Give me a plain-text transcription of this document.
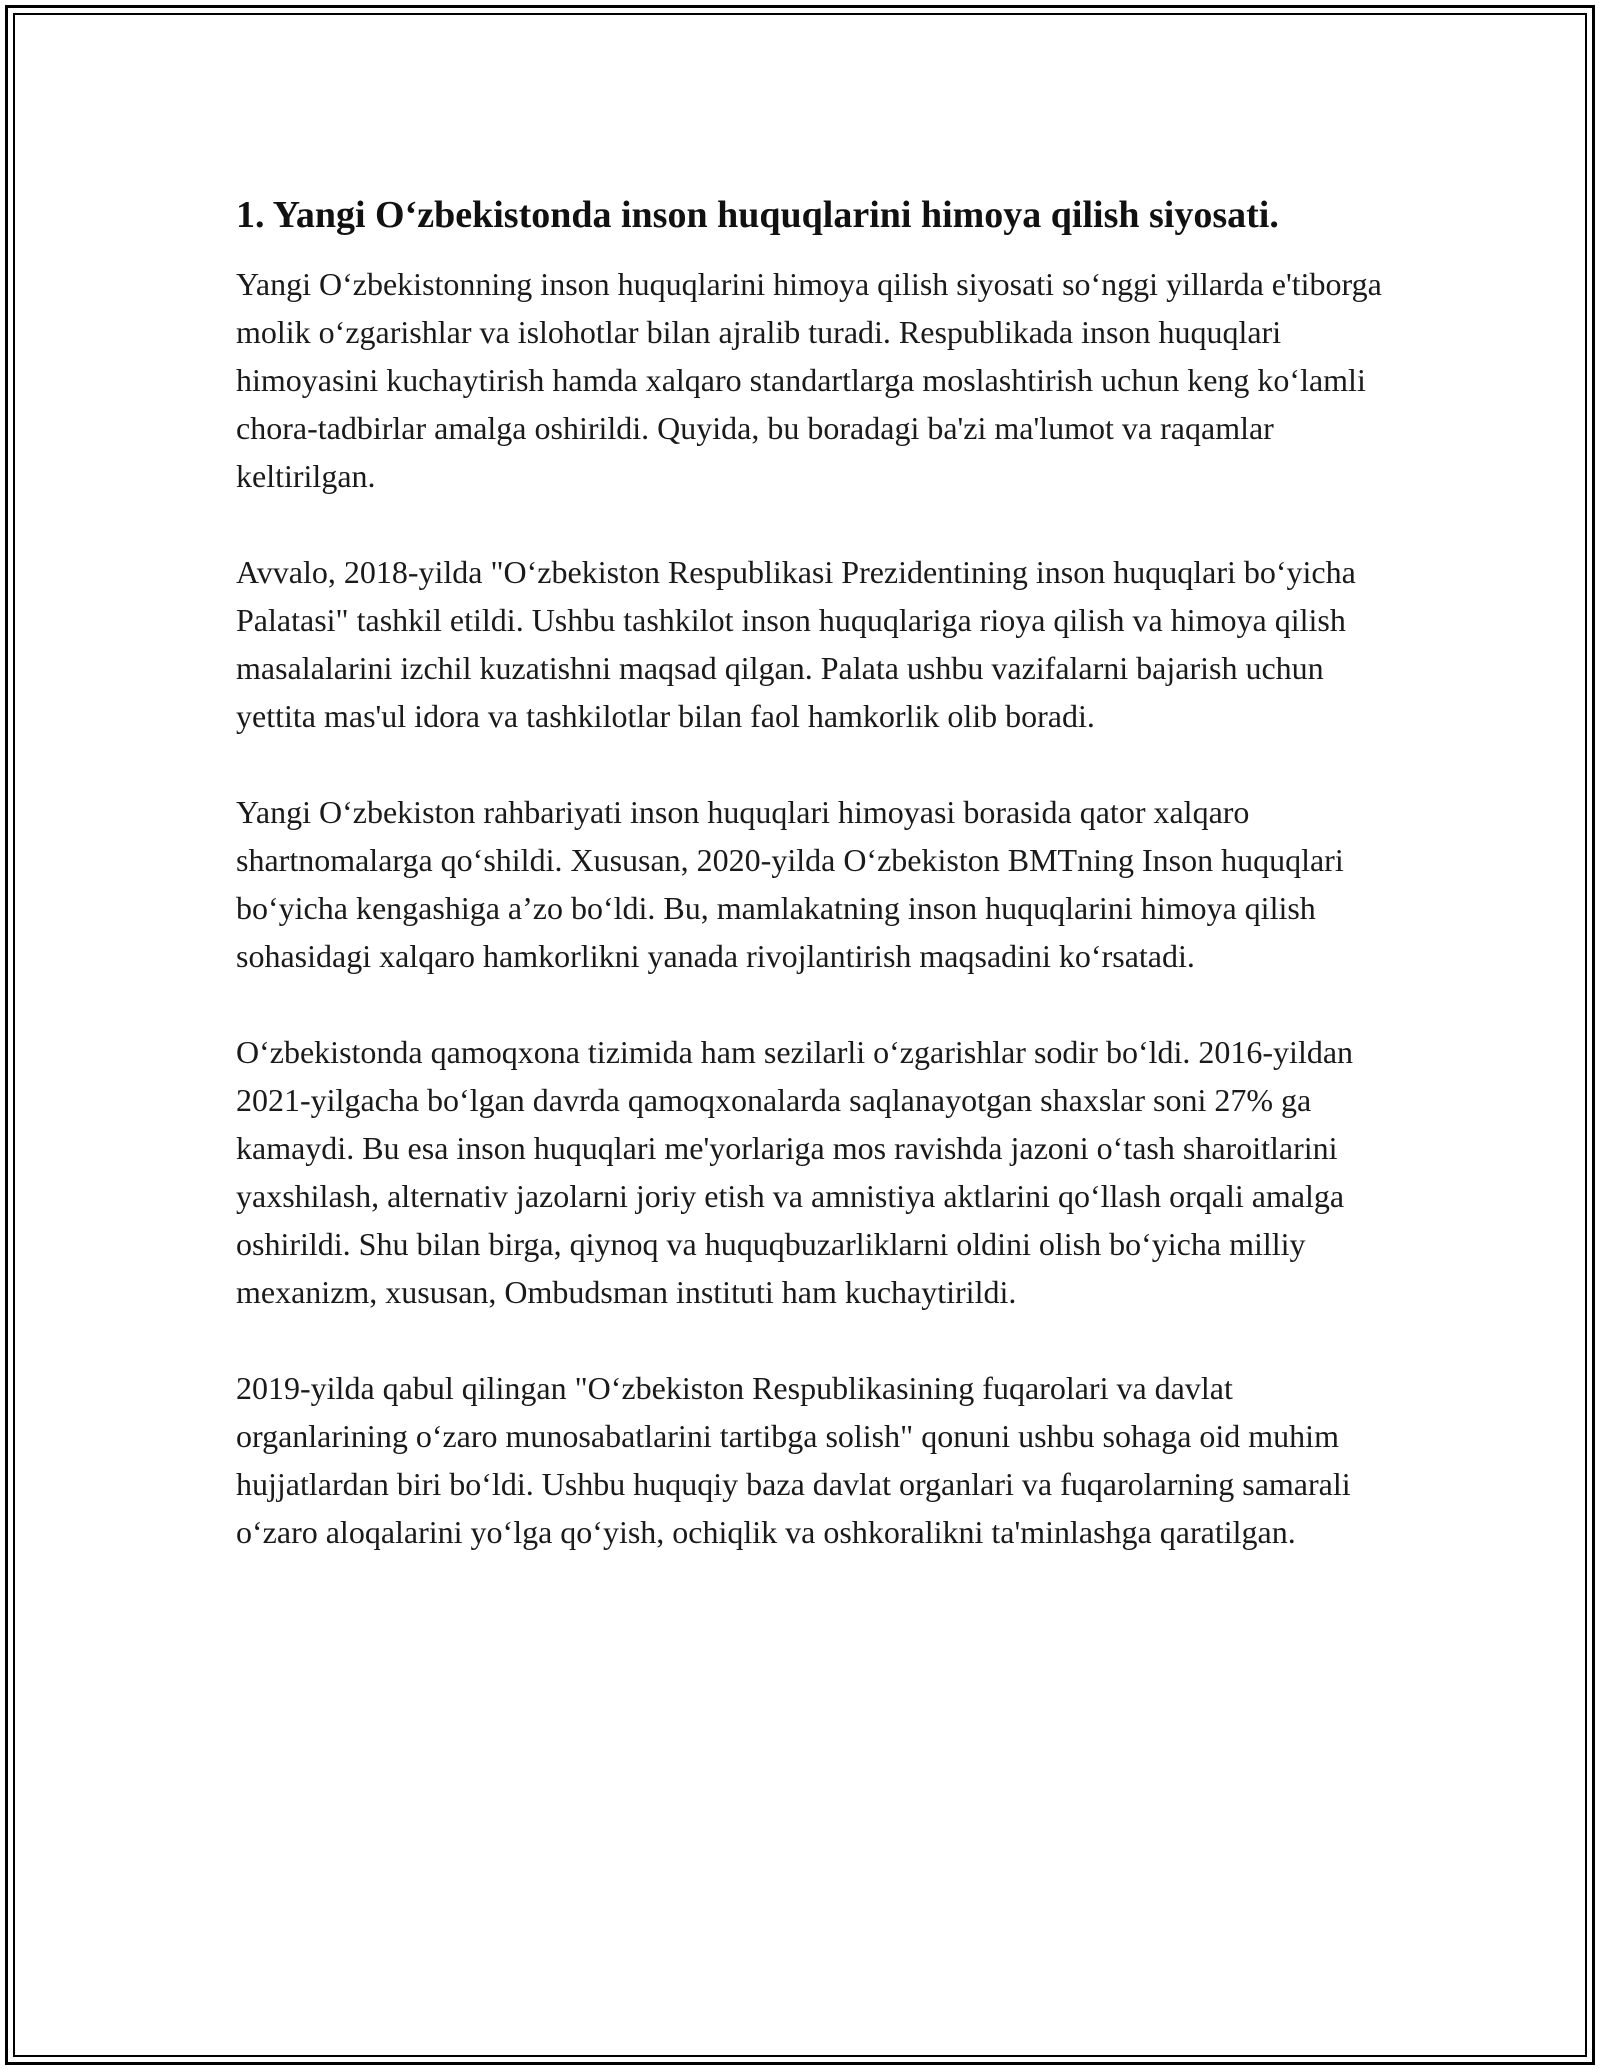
1. Yangi O‘zbekistonda inson huquqlarini himoya qilish siyosati.

Yangi O‘zbekistonning inson huquqlarini himoya qilish siyosati so‘nggi yillarda e'tiborga molik o‘zgarishlar va islohotlar bilan ajralib turadi. Respublikada inson huquqlari himoyasini kuchaytirish hamda xalqaro standartlarga moslashtirish uchun keng ko‘lamli chora-tadbirlar amalga oshirildi. Quyida, bu boradagi ba'zi ma'lumot va raqamlar keltirilgan.

Avvalo, 2018-yilda "O‘zbekiston Respublikasi Prezidentining inson huquqlari bo‘yicha Palatasi" tashkil etildi. Ushbu tashkilot inson huquqlariga rioya qilish va himoya qilish masalalarini izchil kuzatishni maqsad qilgan. Palata ushbu vazifalarni bajarish uchun yettita mas'ul idora va tashkilotlar bilan faol hamkorlik olib boradi.

Yangi O‘zbekiston rahbariyati inson huquqlari himoyasi borasida qator xalqaro shartnomalarga qo‘shildi. Xususan, 2020-yilda O‘zbekiston BMTning Inson huquqlari bo‘yicha kengashiga a’zo bo‘ldi. Bu, mamlakatning inson huquqlarini himoya qilish sohasidagi xalqaro hamkorlikni yanada rivojlantirish maqsadini ko‘rsatadi.

O‘zbekistonda qamoqxona tizimida ham sezilarli o‘zgarishlar sodir bo‘ldi. 2016-yildan 2021-yilgacha bo‘lgan davrda qamoqxonalarda saqlanayotgan shaxslar soni 27% ga kamaydi. Bu esa inson huquqlari me'yorlariga mos ravishda jazoni o‘tash sharoitlarini yaxshilash, alternativ jazolarni joriy etish va amnistiya aktlarini qo‘llash orqali amalga oshirildi. Shu bilan birga, qiynoq va huquqbuzarliklarni oldini olish bo‘yicha milliy mexanizm, xususan, Ombudsman instituti ham kuchaytirildi.

2019-yilda qabul qilingan "O‘zbekiston Respublikasining fuqarolari va davlat organlarining o‘zaro munosabatlarini tartibga solish" qonuni ushbu sohaga oid muhim hujjatlardan biri bo‘ldi. Ushbu huquqiy baza davlat organlari va fuqarolarning samarali o‘zaro aloqalarini yo‘lga qo‘yish, ochiqlik va oshkoralikni ta'minlashga qaratilgan.
